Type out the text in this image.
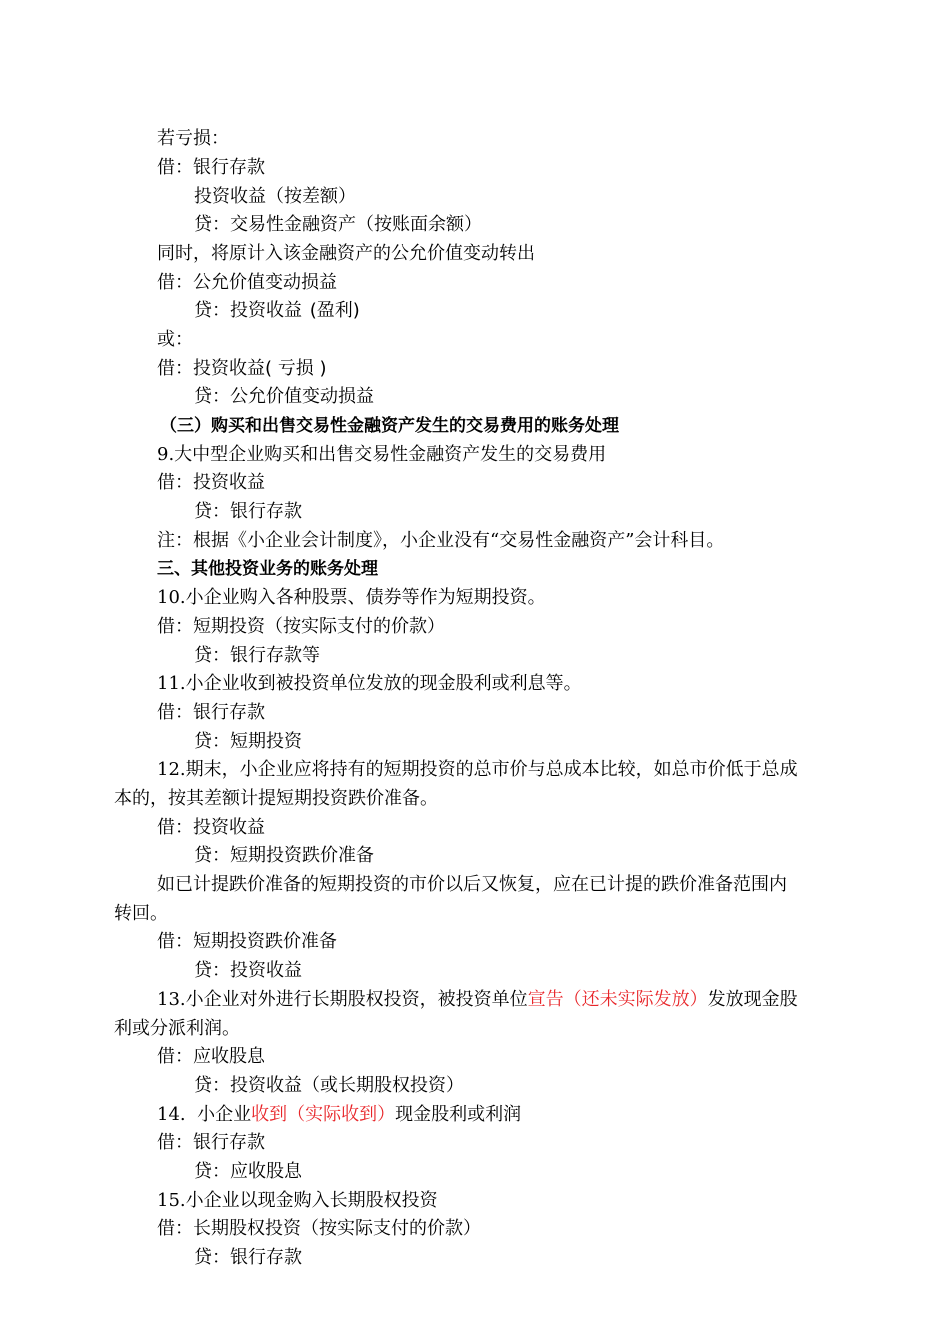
若亏损：
借：银行存款
投资收益（按差额）
贷：交易性金融资产（按账面余额）
同时，将原计入该金融资产的公允价值变动转出
借：公允价值变动损益
贷：投资收益 (盈利)
或：
借：投资收益( 亏损 )
贷：公允价值变动损益
（三）购买和出售交易性金融资产发生的交易费用的账务处理
9.大中型企业购买和出售交易性金融资产发生的交易费用
借：投资收益
贷：银行存款
注：根据《小企业会计制度》，小企业没有“交易性金融资产”会计科目。
三、其他投资业务的账务处理
10.小企业购入各种股票、债券等作为短期投资。
借：短期投资（按实际支付的价款）
贷：银行存款等
11.小企业收到被投资单位发放的现金股利或利息等。
借：银行存款
贷：短期投资
12.期末，小企业应将持有的短期投资的总市价与总成本比较，如总市价低于总成
本的，按其差额计提短期投资跌价准备。
借：投资收益
贷：短期投资跌价准备
如已计提跌价准备的短期投资的市价以后又恢复，应在已计提的跌价准备范围内
转回。
借：短期投资跌价准备
贷：投资收益
13.小企业对外进行长期股权投资，被投资单位宣告（还未实际发放）发放现金股
利或分派利润。
借：应收股息
贷：投资收益（或长期股权投资）
14.  小企业收到（实际收到）现金股利或利润
借：银行存款
贷：应收股息
15.小企业以现金购入长期股权投资
借：长期股权投资（按实际支付的价款）
贷：银行存款
